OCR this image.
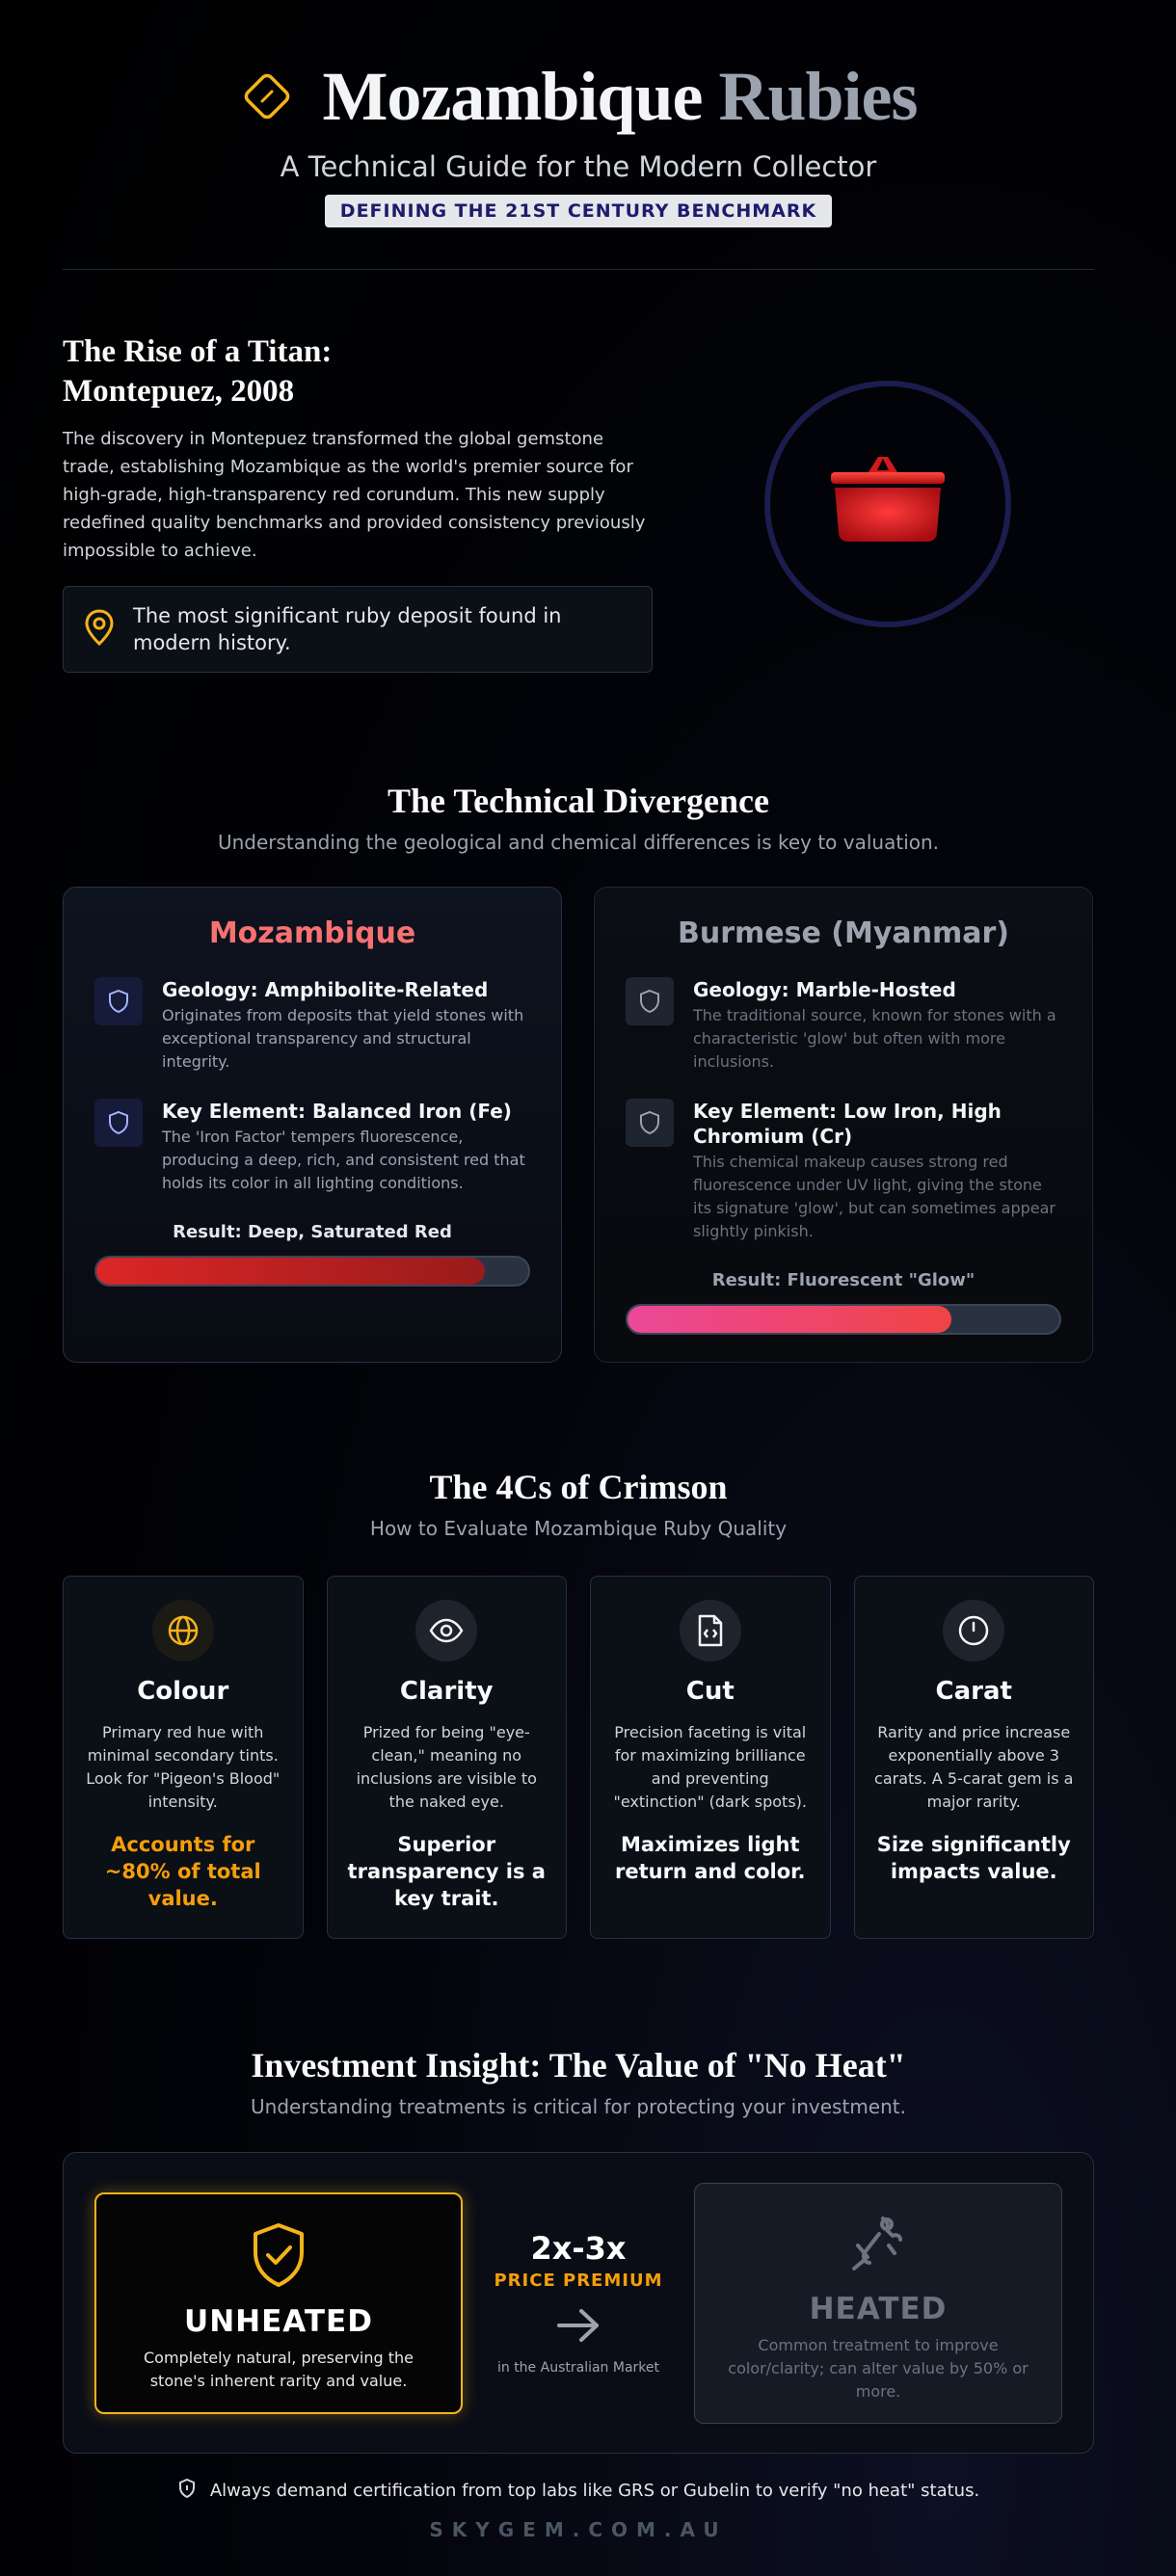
Mozambique Rubies
A Technical Guide for the Modern Collector
DEFINING THE 21ST CENTURY BENCHMARK
The Rise of a Titan:
Montepuez, 2008

The discovery in Montepuez transformed the global gemstone trade, establishing Mozambique as the world's premier source for high-grade, high-transparency red corundum. This new supply redefined quality benchmarks and provided consistency previously impossible to achieve.

The most significant ruby deposit found in modern history.
The Technical Divergence

Understanding the geological and chemical differences is key to valuation.

Mozambique
Geology: Amphibolite-Related
Originates from deposits that yield stones with exceptional transparency and structural integrity.
Key Element: Balanced Iron (Fe)
The 'Iron Factor' tempers fluorescence, producing a deep, rich, and consistent red that holds its color in all lighting conditions.
Result: Deep, Saturated Red
Burmese (Myanmar)
Geology: Marble-Hosted
The traditional source, known for stones with a characteristic 'glow' but often with more inclusions.
Key Element: Low Iron, High Chromium (Cr)
This chemical makeup causes strong red fluorescence under UV light, giving the stone its signature 'glow', but can sometimes appear slightly pinkish.
Result: Fluorescent "Glow"
The 4Cs of Crimson

How to Evaluate Mozambique Ruby Quality

Colour
Primary red hue with minimal secondary tints. Look for "Pigeon's Blood" intensity.
Accounts for ~80% of total value.
Clarity
Prized for being "eye-clean," meaning no inclusions are visible to the naked eye.
Superior transparency is a key trait.
Cut
Precision faceting is vital for maximizing brilliance and preventing "extinction" (dark spots).
Maximizes light return and color.
Carat
Rarity and price increase exponentially above 3 carats. A 5-carat gem is a major rarity.
Size significantly impacts value.
Investment Insight: The Value of "No Heat"

Understanding treatments is critical for protecting your investment.

UNHEATED
Completely natural, preserving the stone's inherent rarity and value.
2x-3x
PRICE PREMIUM
in the Australian Market
HEATED
Common treatment to improve color/clarity; can alter value by 50% or more.
Always demand certification from top labs like GRS or Gubelin to verify "no heat" status.
SKYGEM.COM.AU
